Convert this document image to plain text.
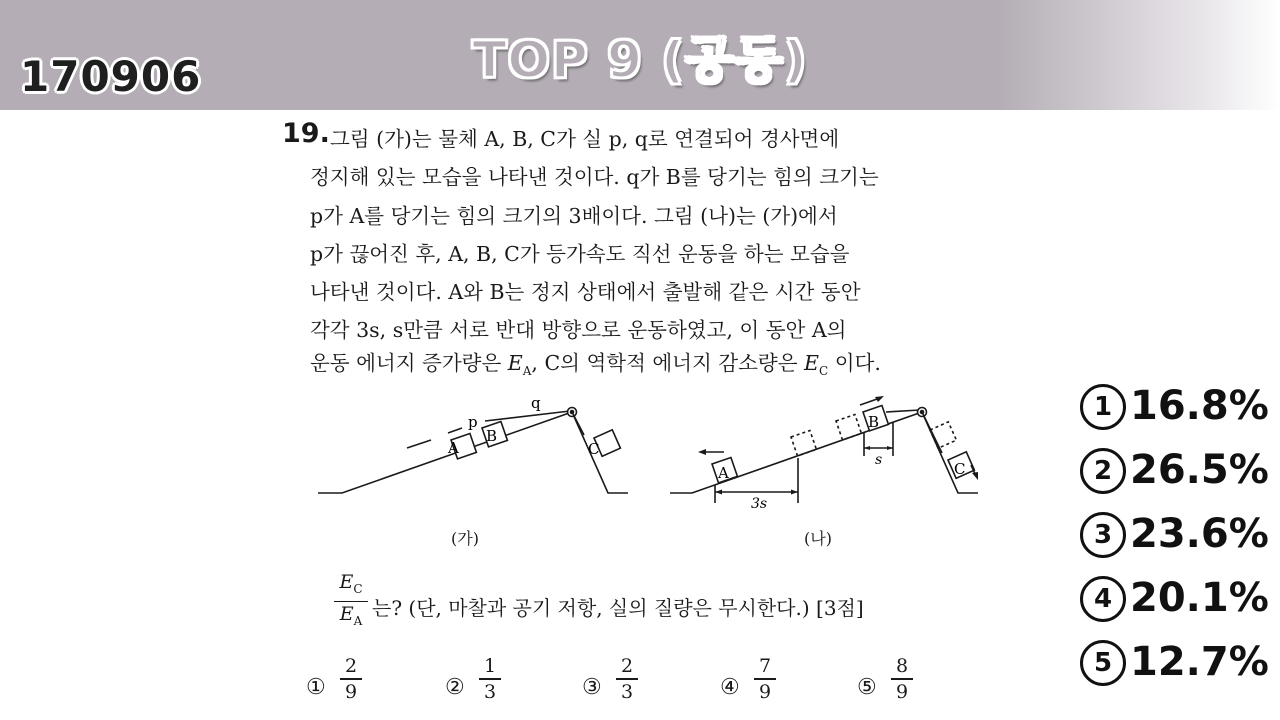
TOP 9 (공동)
170906
19. 그림 (가)는 물체 A, B, C가 실 p, q로 연결되어 경사면에
정지해 있는 모습을 나타낸 것이다. q가 B를 당기는 힘의 크기는
p가 A를 당기는 힘의 크기의 3배이다. 그림 (나)는 (가)에서
p가 끊어진 후, A, B, C가 등가속도 직선 운동을 하는 모습을
나타낸 것이다. A와 B는 정지 상태에서 출발해 같은 시간 동안
각각 3s, s만큼 서로 반대 방향으로 운동하였고, 이 동안 A의
운동 에너지 증가량은 $E_A$, C의 역학적 에너지 감소량은 $E_C$ 이다.
A
B
p
q
C
(가)
A
B
C
3s
s
(나)
$E_C$
$E_A$
는? (단, 마찰과 공기 저항, 실의 질량은 무시한다.) [3점]
①
2
9	②
1
3	③
2
3	④
7
9	⑤
8
9
1 16.8%
2 26.5%
3 23.6%
4 20.1%
5 12.7%
